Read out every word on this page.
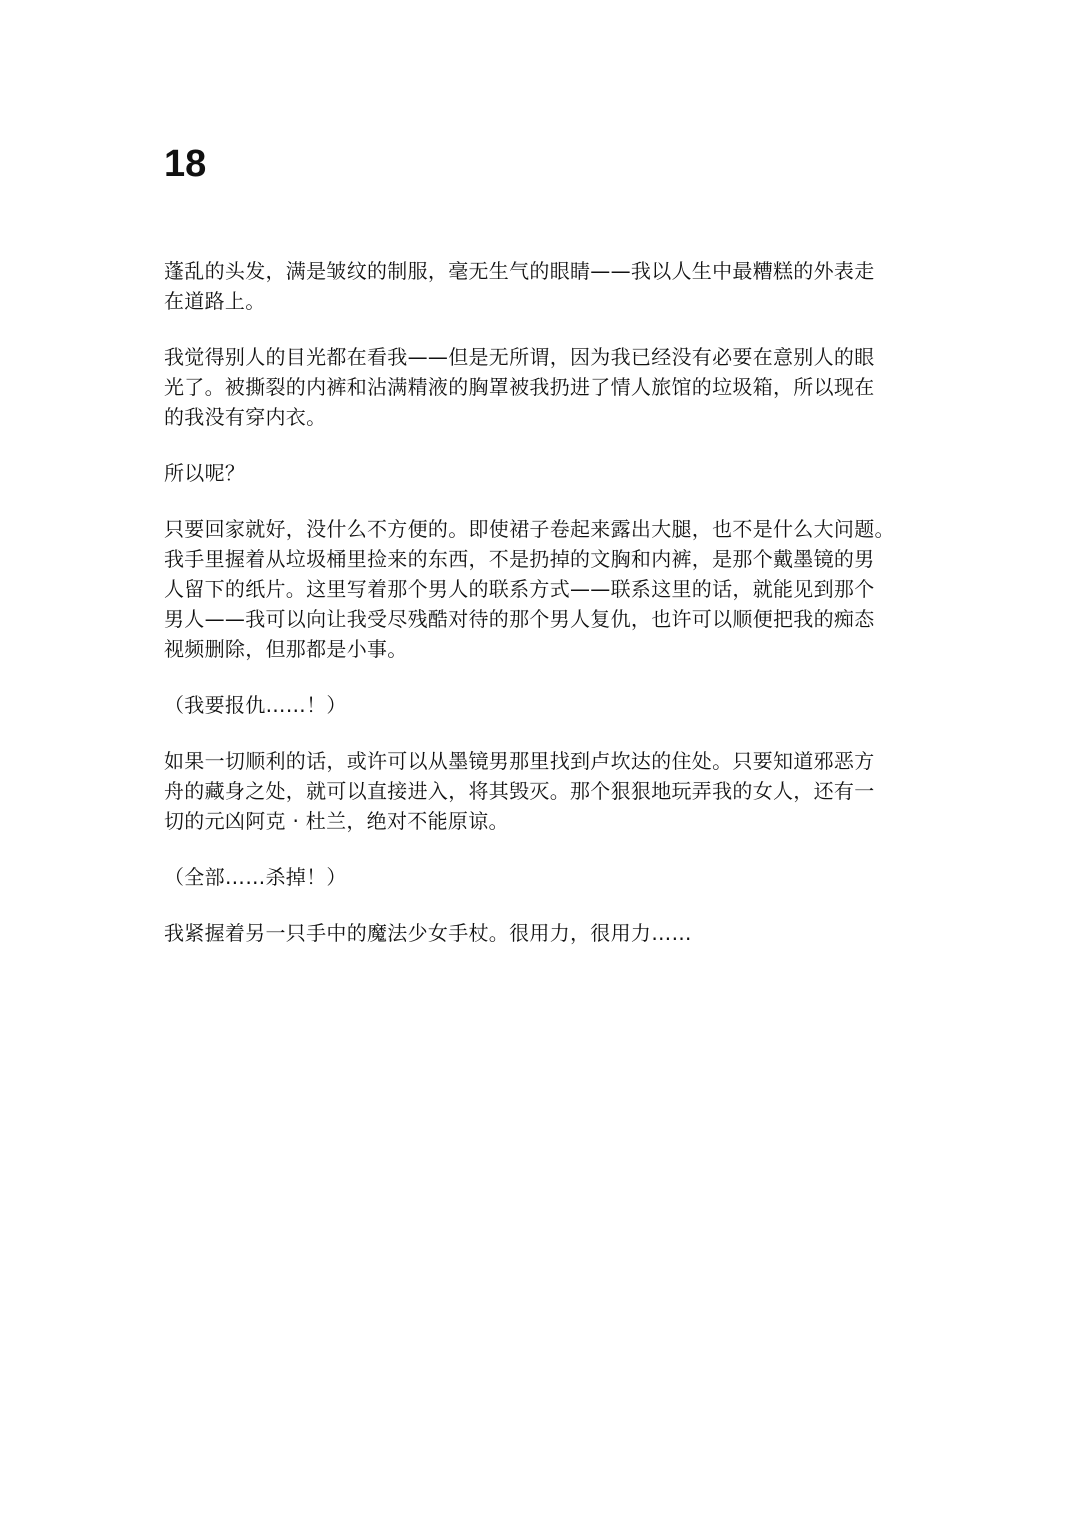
18

蓬乱的头发，满是皱纹的制服，毫无生气的眼睛——我以人生中最糟糕的外表走
在道路上。

我觉得别人的目光都在看我——但是无所谓，因为我已经没有必要在意别人的眼
光了。被撕裂的内裤和沾满精液的胸罩被我扔进了情人旅馆的垃圾箱，所以现在
的我没有穿内衣。

所以呢？

只要回家就好，没什么不方便的。即使裙子卷起来露出大腿，也不是什么大问题。
我手里握着从垃圾桶里捡来的东西，不是扔掉的文胸和内裤，是那个戴墨镜的男
人留下的纸片。这里写着那个男人的联系方式——联系这里的话，就能见到那个
男人——我可以向让我受尽残酷对待的那个男人复仇，也许可以顺便把我的痴态
视频删除，但那都是小事。

（我要报仇……！）

如果一切顺利的话，或许可以从墨镜男那里找到卢坎达的住处。只要知道邪恶方
舟的藏身之处，就可以直接进入，将其毁灭。那个狠狠地玩弄我的女人，还有一
切的元凶阿克 · 杜兰，绝对不能原谅。

（全部……杀掉！）

我紧握着另一只手中的魔法少女手杖。很用力，很用力……
